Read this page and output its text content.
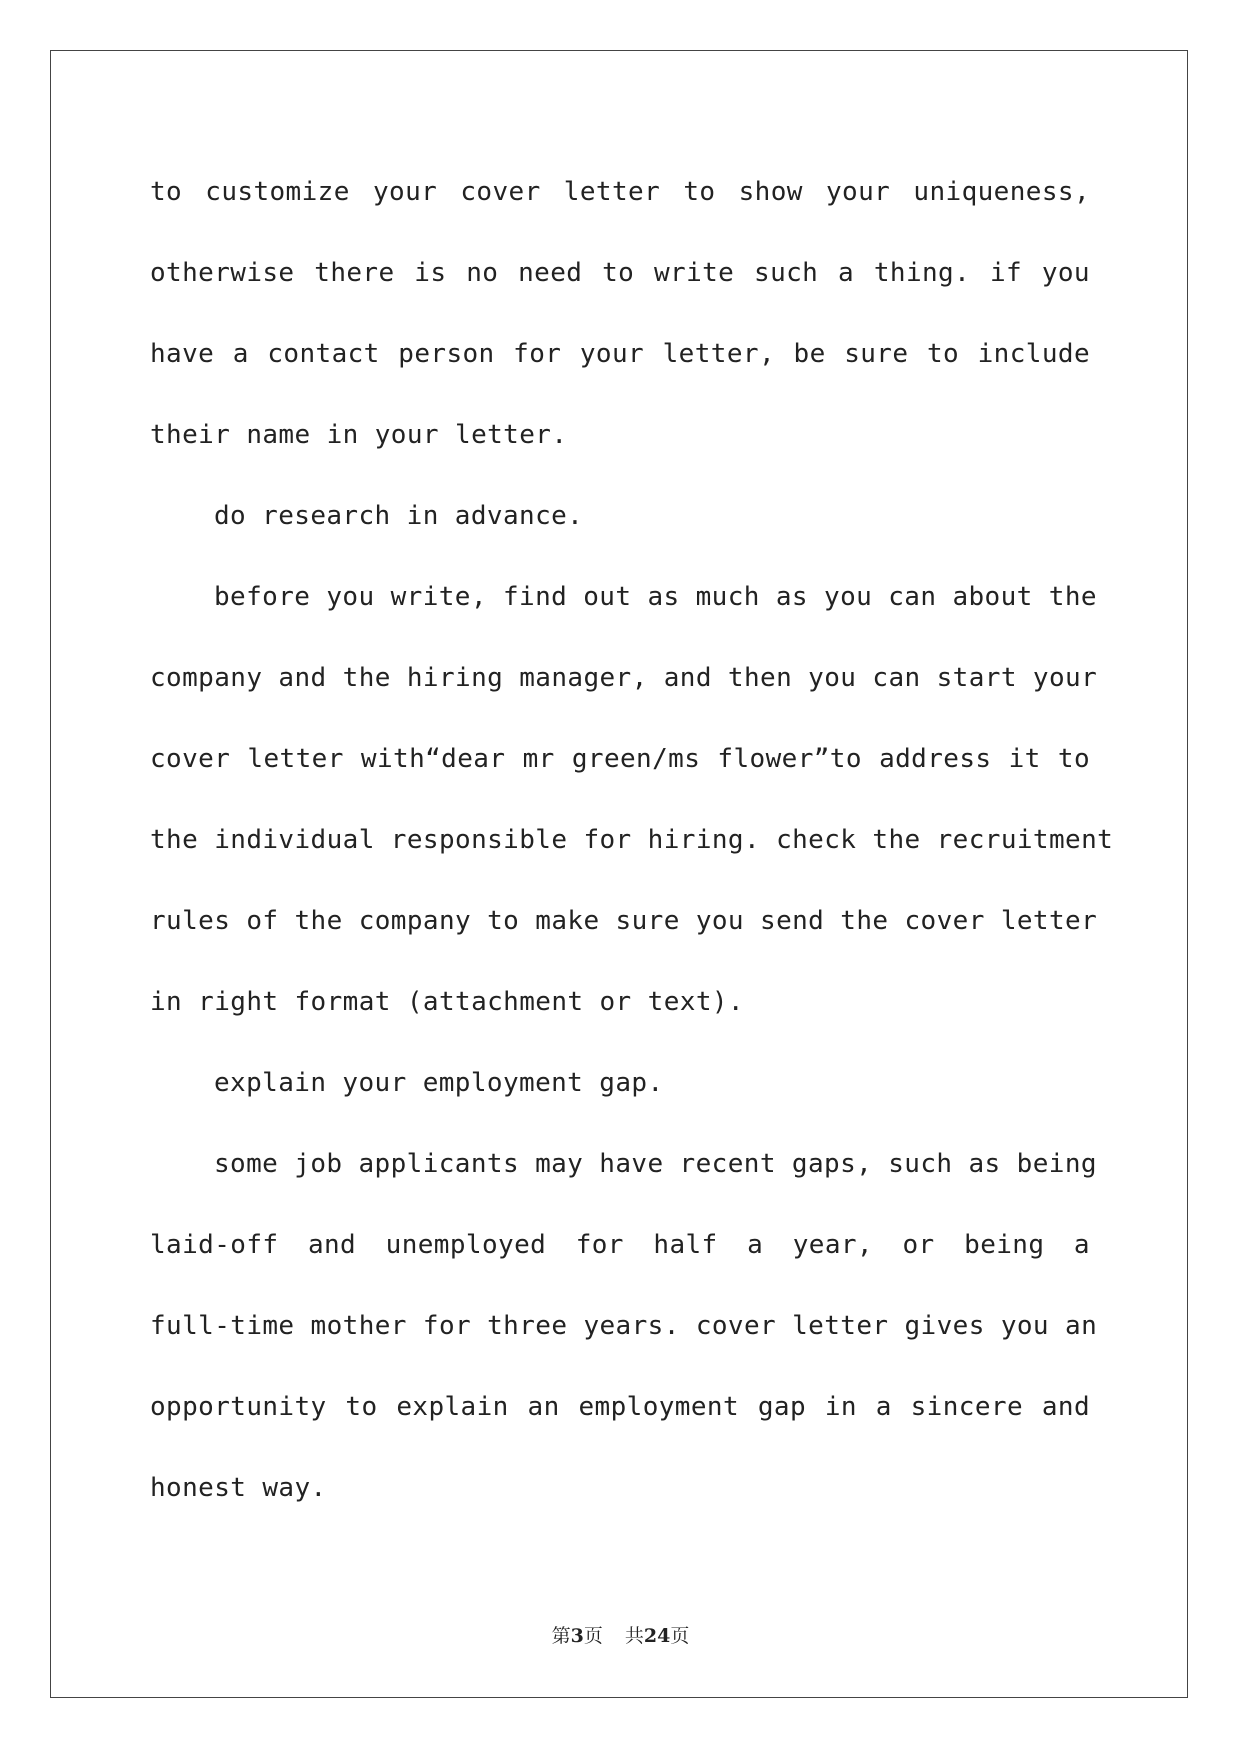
to customize your cover letter to show your uniqueness,
otherwise there is no need to write such a thing. if you
have a contact person for your letter, be sure to include
their name in your letter.
do research in advance.
before you write, find out as much as you can about the
company and the hiring manager, and then you can start your
cover letter with“dear mr green/ms flower”to address it to
the individual responsible for hiring. check the recruitment
rules of the company to make sure you send the cover letter
in right format (attachment or text).
explain your employment gap.
some job applicants may have recent gaps, such as being
laid-off and unemployed for half a year, or being a
full-time mother for three years. cover letter gives you an
opportunity to explain an employment gap in a sincere and
honest way.
第3页 共24页
